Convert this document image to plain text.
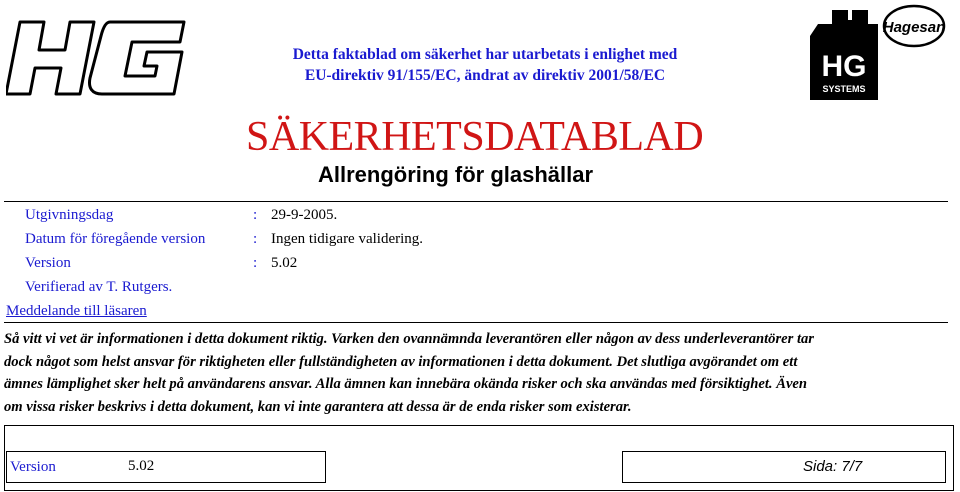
Detta faktablad om säkerhet har utarbetats i enlighet med
EU-direktiv 91/155/EC, ändrat av direktiv 2001/58/EC
SÄKERHETSDATABLAD
Allrengöring för glashällar
HG
SYSTEMS
Hagesan
Utgivningsdag	: 29-9-2005.
Datum för föregående version	: Ingen tidigare validering.
Version	: 5.02
Verifierad av T. Rutgers.
Meddelande till läsaren
Så vitt vi vet är informationen i detta dokument riktig. Varken den ovannämnda leverantören eller någon av dess underleverantörer tar
dock något som helst ansvar för riktigheten eller fullständigheten av informationen i detta dokument. Det slutliga avgörandet om ett
ämnes lämplighet sker helt på användarens ansvar. Alla ämnen kan innebära okända risker och ska användas med försiktighet. Även
om vissa risker beskrivs i detta dokument, kan vi inte garantera att dessa är de enda risker som existerar.
Version	5.02	Sida: 7/7
